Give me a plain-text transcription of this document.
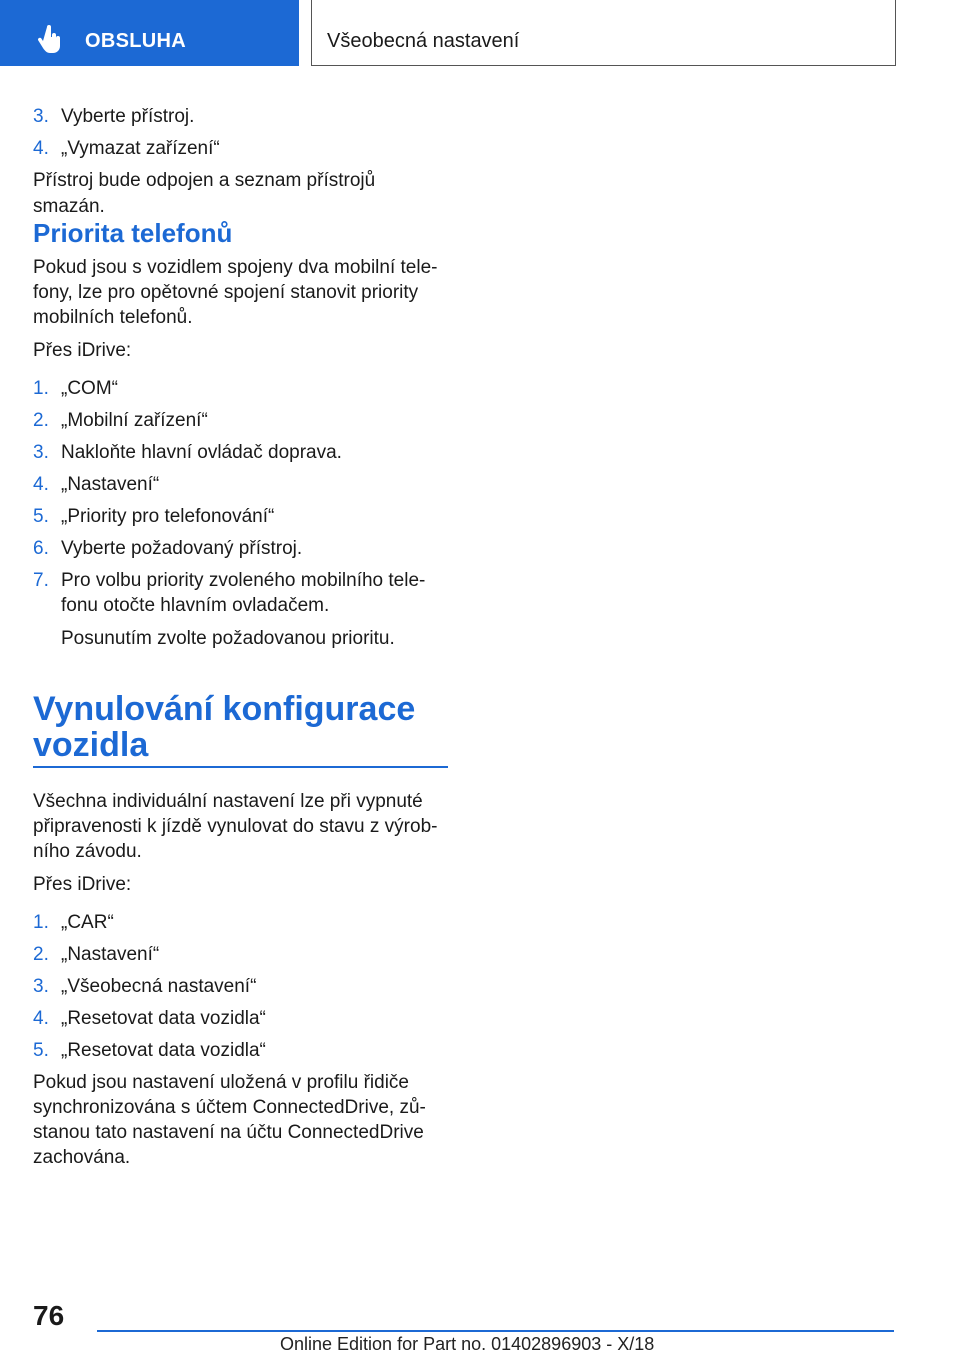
OBSLUHA	Všeobecná nastavení
3. Vyberte přístroj.
4. „Vymazat zařízení“
Přístroj bude odpojen a seznam přístrojů smazán.
Priorita telefonů
Pokud jsou s vozidlem spojeny dva mobilní tele-
fony, lze pro opětovné spojení stanovit priority
mobilních telefonů.
Přes iDrive:
1. „COM“
2. „Mobilní zařízení“
3. Nakloňte hlavní ovládač doprava.
4. „Nastavení“
5. „Priority pro telefonování“
6. Vyberte požadovaný přístroj.
7. Pro volbu priority zvoleného mobilního tele-
fonu otočte hlavním ovladačem.
Posunutím zvolte požadovanou prioritu.
Vynulování konfigurace
vozidla
Všechna individuální nastavení lze při vypnuté
připravenosti k jízdě vynulovat do stavu z výrob-
ního závodu.
Přes iDrive:
1. „CAR“
2. „Nastavení“
3. „Všeobecná nastavení“
4. „Resetovat data vozidla“
5. „Resetovat data vozidla“
Pokud jsou nastavení uložená v profilu řidiče
synchronizována s účtem ConnectedDrive, zů-
stanou tato nastavení na účtu ConnectedDrive
zachována.
76
Online Edition for Part no. 01402896903 - X/18
